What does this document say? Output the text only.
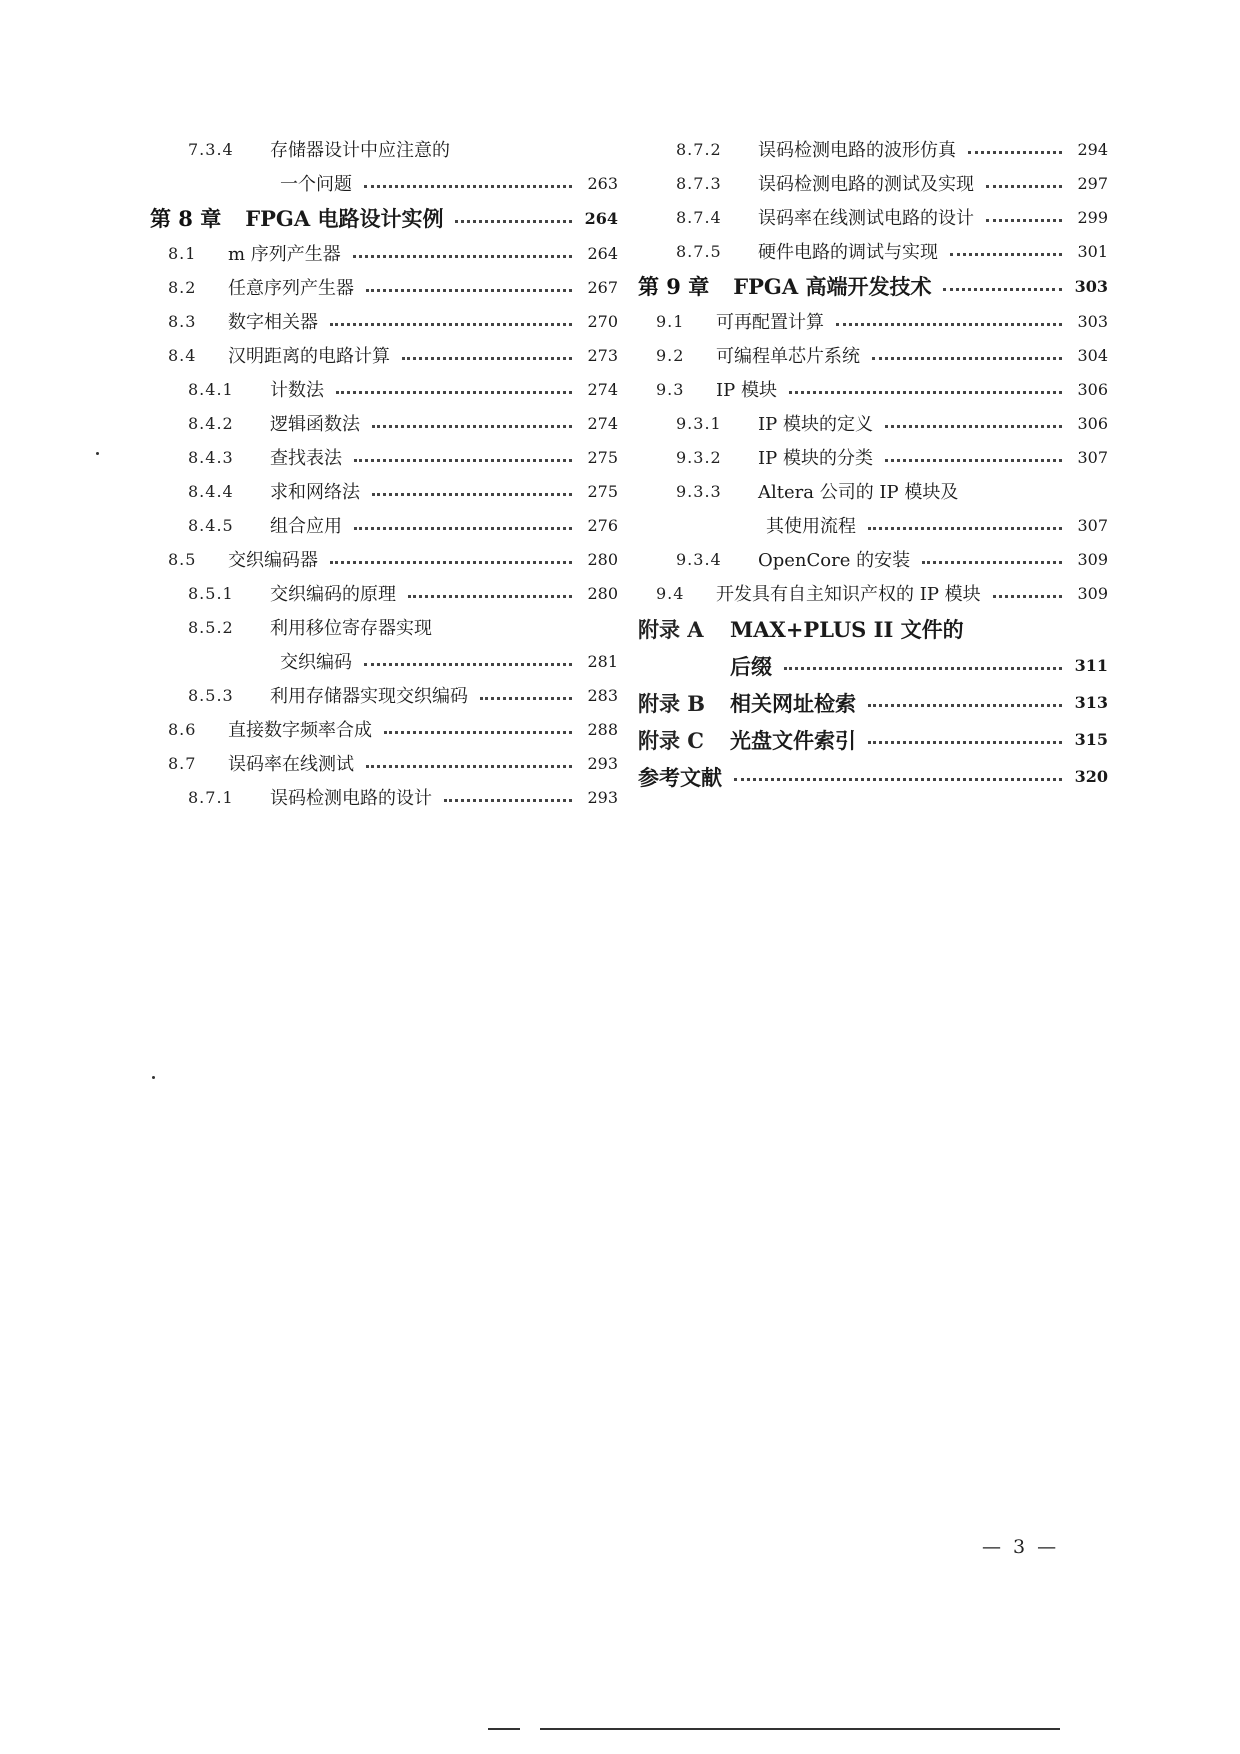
7.3.4	存储器设计中应注意的
一个问题	263
第 8 章 FPGA 电路设计实例	264
8.1	m 序列产生器	264
8.2	任意序列产生器	267
8.3	数字相关器	270
8.4	汉明距离的电路计算	273
8.4.1	计数法	274
8.4.2	逻辑函数法	274
8.4.3	查找表法	275
8.4.4	求和网络法	275
8.4.5	组合应用	276
8.5	交织编码器	280
8.5.1	交织编码的原理	280
8.5.2	利用移位寄存器实现
交织编码	281
8.5.3	利用存储器实现交织编码	283
8.6	直接数字频率合成	288
8.7	误码率在线测试	293
8.7.1	误码检测电路的设计	293
8.7.2	误码检测电路的波形仿真	294
8.7.3	误码检测电路的测试及实现	297
8.7.4	误码率在线测试电路的设计	299
8.7.5	硬件电路的调试与实现	301
第 9 章 FPGA 高端开发技术	303
9.1	可再配置计算	303
9.2	可编程单芯片系统	304
9.3	IP 模块	306
9.3.1	IP 模块的定义	306
9.3.2	IP 模块的分类	307
9.3.3	Altera 公司的 IP 模块及
其使用流程	307
9.3.4	OpenCore 的安装	309
9.4	开发具有自主知识产权的 IP 模块	309
附录 A	MAX+PLUS II 文件的
后缀	311
附录 B	相关网址检索	313
附录 C	光盘文件索引	315
参考文献	320
— 3 —
